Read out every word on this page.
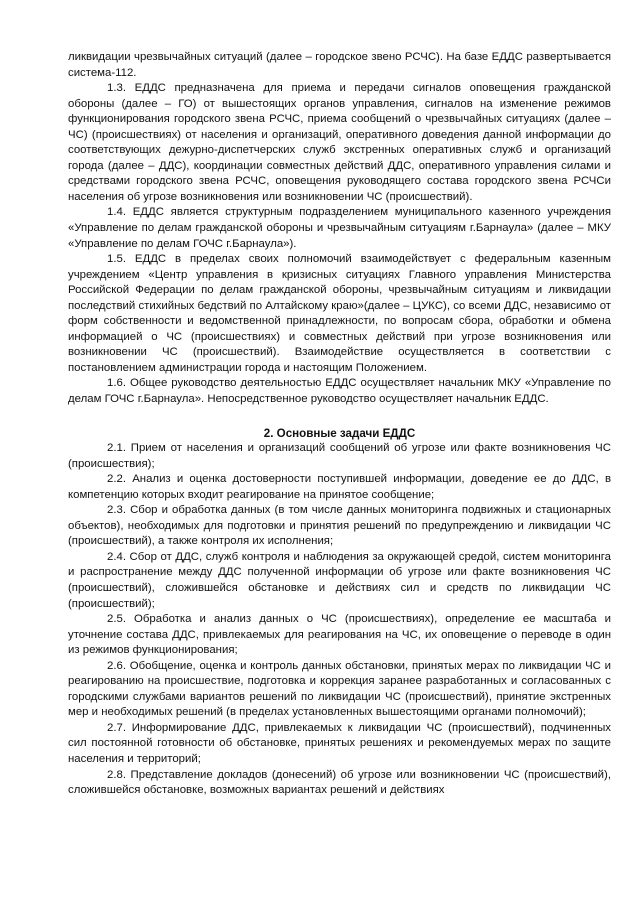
ликвидации чрезвычайных ситуаций (далее – городское звено РСЧС). На базе ЕДДС развертывается система-112.

1.3. ЕДДС предназначена для приема и передачи сигналов оповещения гражданской обороны (далее – ГО) от вышестоящих органов управления, сигналов на изменение режимов функционирования городского звена РСЧС, приема сообщений о чрезвычайных ситуациях (далее – ЧС) (происшествиях) от населения и организаций, оперативного доведения данной информации до соответствующих дежурно-диспетчерских служб экстренных оперативных служб и организаций города (далее – ДДС), координации совместных действий ДДС, оперативного управления силами и средствами городского звена РСЧС, оповещения руководящего состава городского звена РСЧСи населения об угрозе возникновения или возникновении ЧС (происшествий).

1.4. ЕДДС является структурным подразделением муниципального казенного учреждения «Управление по делам гражданской обороны и чрезвычайным ситуациям г.Барнаула» (далее – МКУ «Управление по делам ГОЧС г.Барнаула»).

1.5. ЕДДС в пределах своих полномочий взаимодействует с федеральным казенным учреждением «Центр управления в кризисных ситуациях Главного управления Министерства Российской Федерации по делам гражданской обороны, чрезвычайным ситуациям и ликвидации последствий стихийных бедствий по Алтайскому краю»(далее – ЦУКС), со всеми ДДС, независимо от форм собственности и ведомственной принадлежности, по вопросам сбора, обработки и обмена информацией о ЧС (происшествиях) и совместных действий при угрозе возникновения или возникновении ЧС (происшествий). Взаимодействие осуществляется в соответствии с постановлением администрации города и настоящим Положением.

1.6. Общее руководство деятельностью ЕДДС осуществляет начальник МКУ «Управление по делам ГОЧС г.Барнаула». Непосредственное руководство осуществляет начальник ЕДДС.

2. Основные задачи ЕДДС

2.1. Прием от населения и организаций сообщений об угрозе или факте возникновения ЧС (происшествия);

2.2. Анализ и оценка достоверности поступившей информации, доведение ее до ДДС, в компетенцию которых входит реагирование на принятое сообщение;

2.3. Сбор и обработка данных (в том числе данных мониторинга подвижных и стационарных объектов), необходимых для подготовки и принятия решений по предупреждению и ликвидации ЧС (происшествий), а также контроля их исполнения;

2.4. Сбор от ДДС, служб контроля и наблюдения за окружающей средой, систем мониторинга и распространение между ДДС полученной информации об угрозе или факте возникновения ЧС (происшествий), сложившейся обстановке и действиях сил и средств по ликвидации ЧС (происшествий);

2.5. Обработка и анализ данных о ЧС (происшествиях), определение ее масштаба и уточнение состава ДДС, привлекаемых для реагирования на ЧС, их оповещение о переводе в один из режимов функционирования;

2.6. Обобщение, оценка и контроль данных обстановки, принятых мерах по ликвидации ЧС и реагированию на происшествие, подготовка и коррекция заранее разработанных и согласованных с городскими службами вариантов решений по ликвидации ЧС (происшествий), принятие экстренных мер и необходимых решений (в пределах установленных вышестоящими органами полномочий);

2.7. Информирование ДДС, привлекаемых к ликвидации ЧС (происшествий), подчиненных сил постоянной готовности об обстановке, принятых решениях и рекомендуемых мерах по защите населения и территорий;

2.8. Представление докладов (донесений) об угрозе или возникновении ЧС (происшествий), сложившейся обстановке, возможных вариантах решений и действиях
